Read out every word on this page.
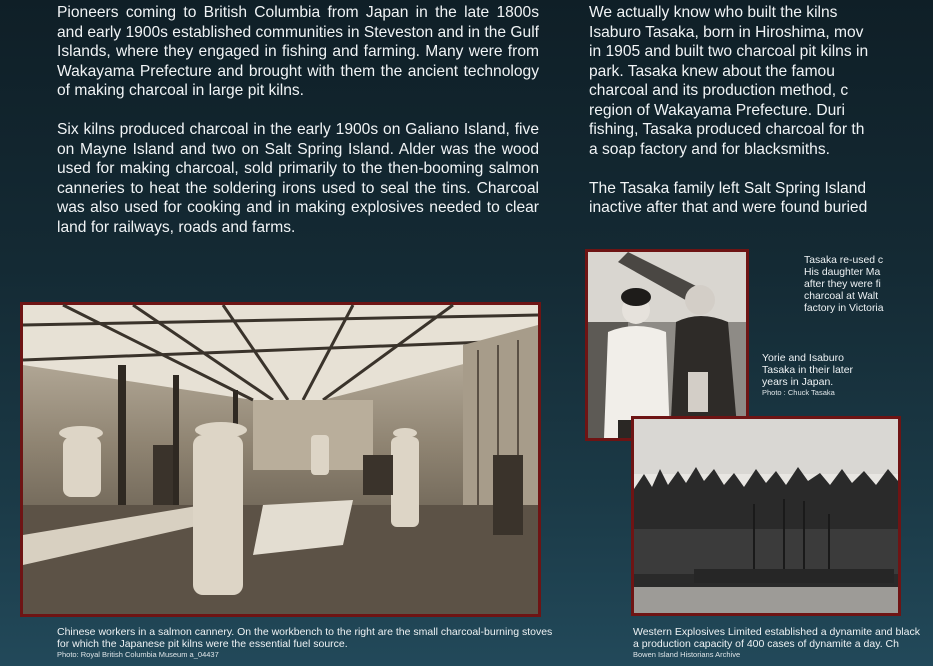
Pioneers coming to British Columbia from Japan in the late 1800s and early 1900s established communities in Steveston and in the Gulf Islands, where they engaged in fishing and farming. Many were from Wakayama Prefecture and brought with them the ancient technology of making charcoal in large pit kilns.

Six kilns produced charcoal in the early 1900s on Galiano Island, five on Mayne Island and two on Salt Spring Island. Alder was the wood used for making charcoal, sold primarily to the then-booming salmon canneries to heat the soldering irons used to seal the tins. Charcoal was also used for cooking and in making explosives needed to clear land for railways, roads and farms.

We actually know who built the kilns
Isaburo Tasaka, born in Hiroshima, mov
in 1905 and built two charcoal pit kilns in
park. Tasaka knew about the famou
charcoal and its production method, c
region of Wakayama Prefecture. Duri
fishing, Tasaka produced charcoal for th
a soap factory and for blacksmiths.
The Tasaka family left Salt Spring Island
inactive after that and were found buried
Tasaka re-used c
His daughter Ma
after they were fi
charcoal at Walt
factory in Victoria
Yorie and Isaburo Tasaka in their later years in Japan.
Photo : Chuck Tasaka
Chinese workers in a salmon cannery. On the workbench to the right are the small charcoal-burning stoves for which the Japanese pit kilns were the essential fuel source.
Photo: Royal British Columbia Museum a_04437
Western Explosives Limited established a dynamite and black
a production capacity of 400 cases of dynamite a day. Ch
Bowen Island Historians Archive
